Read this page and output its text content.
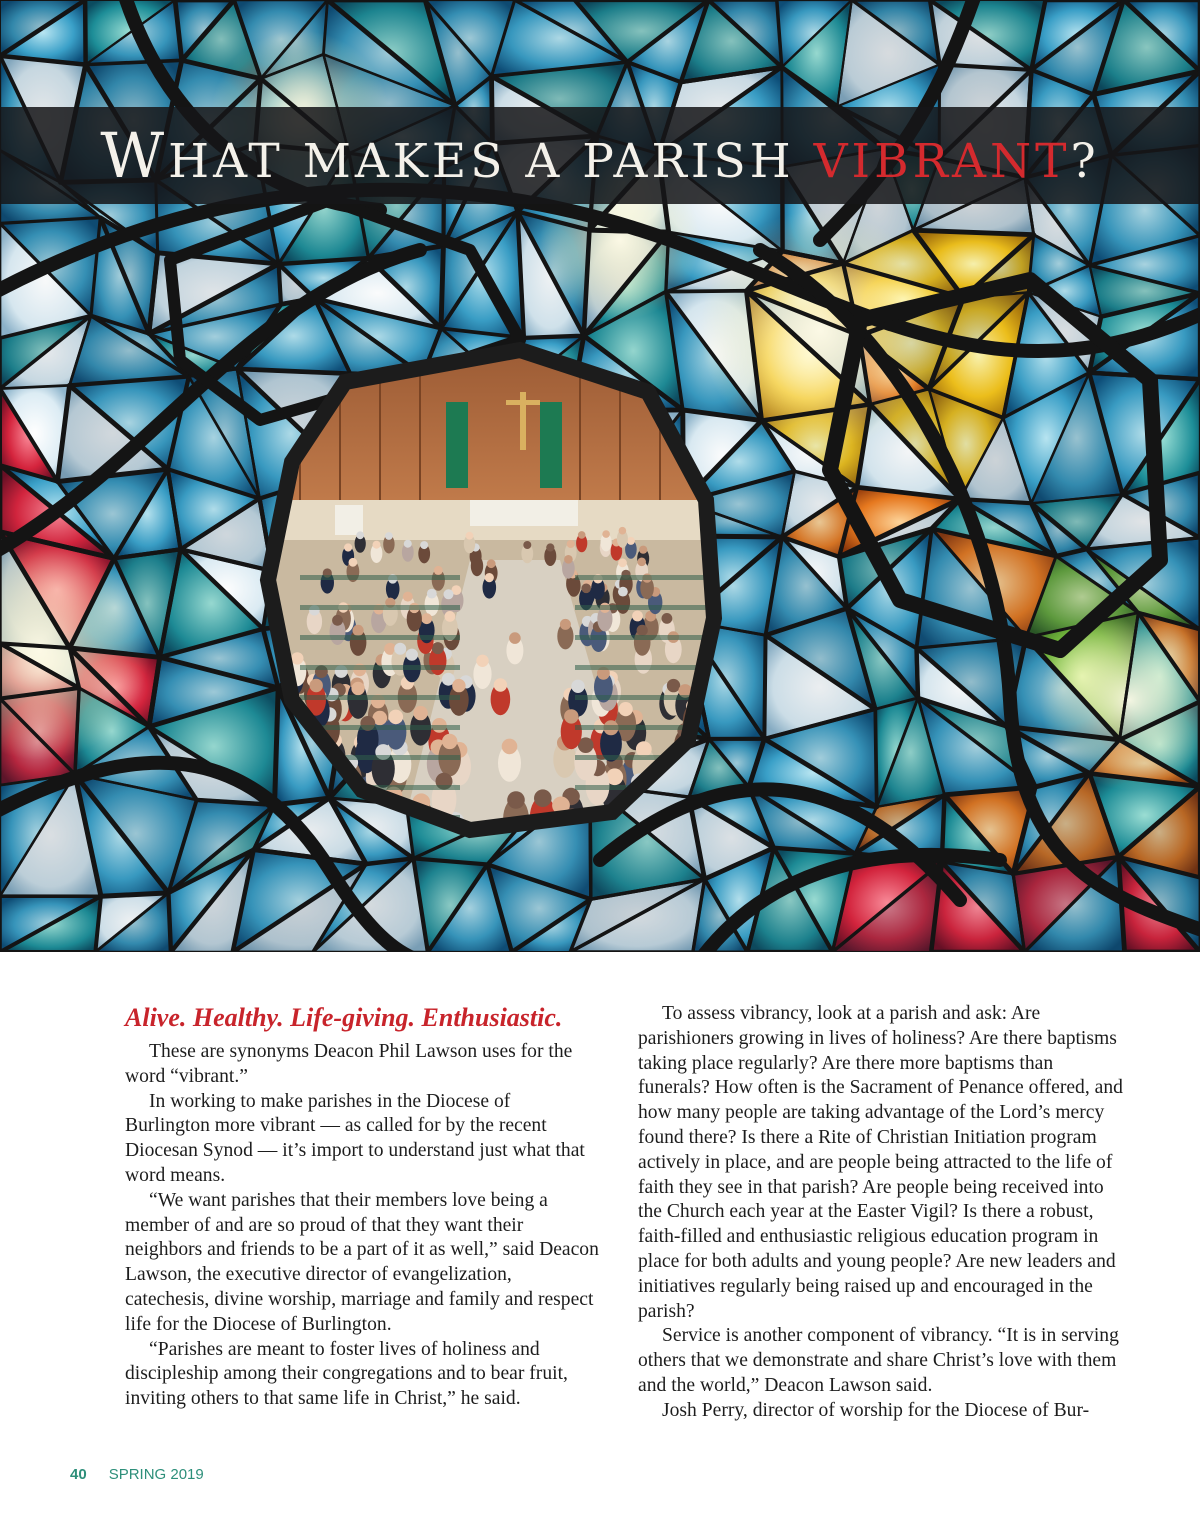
WHAT MAKES A PARISH VIBRANT?
Alive. Healthy. Life-giving. Enthusiastic.

These are synonyms Deacon Phil Lawson uses for the word “vibrant.”

In working to make parishes in the Diocese of Burlington more vibrant — as called for by the recent Diocesan Synod — it’s import to understand just what that word means.

“We want parishes that their members love being a member of and are so proud of that they want their neighbors and friends to be a part of it as well,” said Deacon Lawson, the executive director of evangelization, catechesis, divine worship, marriage and family and respect life for the Diocese of Burlington.

“Parishes are meant to foster lives of holiness and discipleship among their congregations and to bear fruit, inviting others to that same life in Christ,” he said.

To assess vibrancy, look at a parish and ask: Are parishioners growing in lives of holiness? Are there baptisms taking place regularly? Are there more baptisms than funerals? How often is the Sacrament of Penance offered, and how many people are taking advantage of the Lord’s mercy found there? Is there a Rite of Christian Initiation program actively in place, and are people being attracted to the life of faith they see in that parish? Are people being received into the Church each year at the Easter Vigil? Is there a robust, faith-filled and enthusiastic religious education program in place for both adults and young people? Are new leaders and initiatives regularly being raised up and encouraged in the parish?

Service is another component of vibrancy. “It is in serving others that we demonstrate and share Christ’s love with them and the world,” Deacon Lawson said.

Josh Perry, director of worship for the Diocese of Bur-

40 SPRING 2019
